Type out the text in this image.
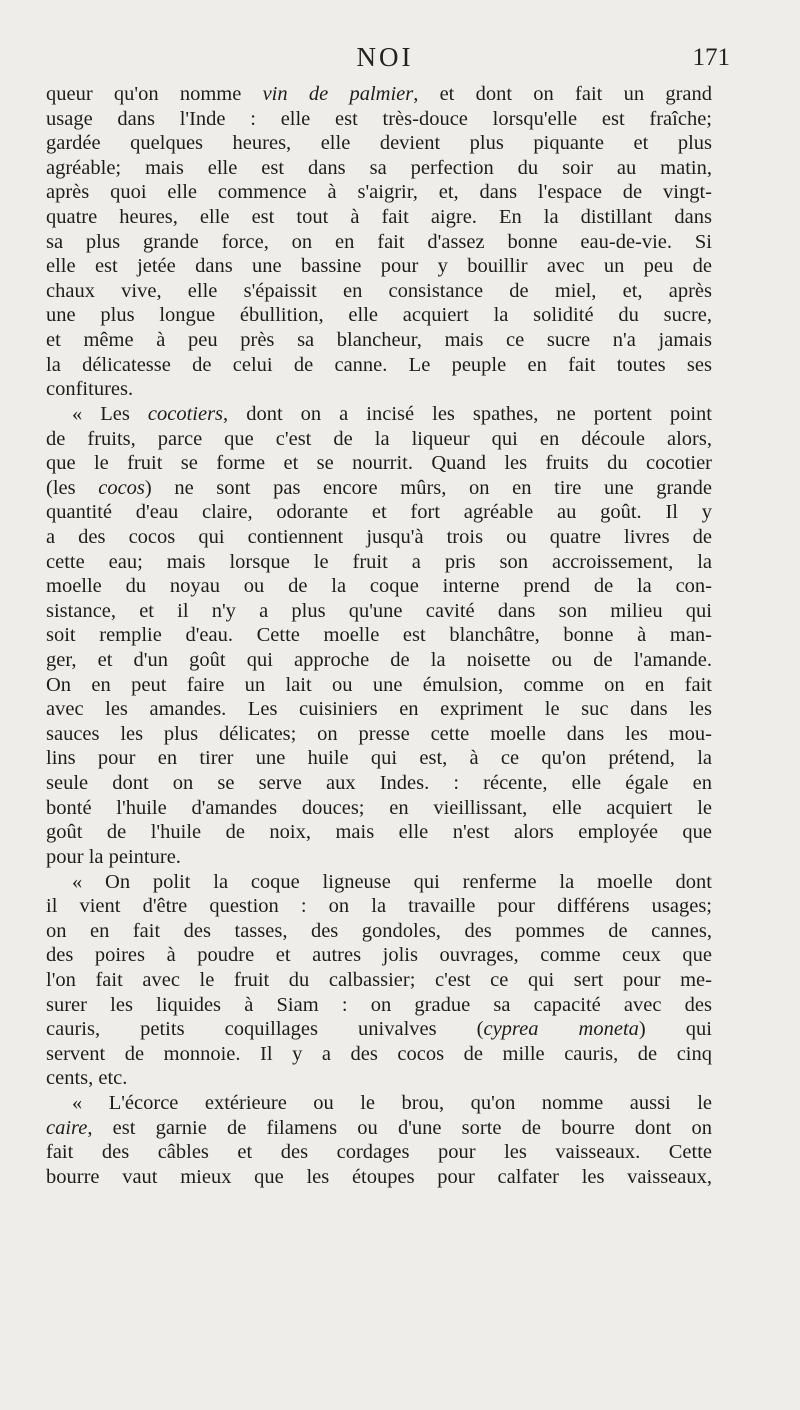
NOI	171
queur qu'on nomme vin de palmier, et dont on fait un grand
usage dans l'Inde : elle est très-douce lorsqu'elle est fraîche;
gardée quelques heures, elle devient plus piquante et plus
agréable; mais elle est dans sa perfection du soir au matin,
après quoi elle commence à s'aigrir, et, dans l'espace de vingt-
quatre heures, elle est tout à fait aigre. En la distillant dans
sa plus grande force, on en fait d'assez bonne eau-de-vie. Si
elle est jetée dans une bassine pour y bouillir avec un peu de
chaux vive, elle s'épaissit en consistance de miel, et, après
une plus longue ébullition, elle acquiert la solidité du sucre,
et même à peu près sa blancheur, mais ce sucre n'a jamais
la délicatesse de celui de canne. Le peuple en fait toutes ses
confitures.
« Les cocotiers, dont on a incisé les spathes, ne portent point
de fruits, parce que c'est de la liqueur qui en découle alors,
que le fruit se forme et se nourrit. Quand les fruits du cocotier
(les cocos) ne sont pas encore mûrs, on en tire une grande
quantité d'eau claire, odorante et fort agréable au goût. Il y
a des cocos qui contiennent jusqu'à trois ou quatre livres de
cette eau; mais lorsque le fruit a pris son accroissement, la
moelle du noyau ou de la coque interne prend de la con-
sistance, et il n'y a plus qu'une cavité dans son milieu qui
soit remplie d'eau. Cette moelle est blanchâtre, bonne à man-
ger, et d'un goût qui approche de la noisette ou de l'amande.
On en peut faire un lait ou une émulsion, comme on en fait
avec les amandes. Les cuisiniers en expriment le suc dans les
sauces les plus délicates; on presse cette moelle dans les mou-
lins pour en tirer une huile qui est, à ce qu'on prétend, la
seule dont on se serve aux Indes. : récente, elle égale en
bonté l'huile d'amandes douces; en vieillissant, elle acquiert le
goût de l'huile de noix, mais elle n'est alors employée que
pour la peinture.
« On polit la coque ligneuse qui renferme la moelle dont
il vient d'être question : on la travaille pour différens usages;
on en fait des tasses, des gondoles, des pommes de cannes,
des poires à poudre et autres jolis ouvrages, comme ceux que
l'on fait avec le fruit du calbassier; c'est ce qui sert pour me-
surer les liquides à Siam : on gradue sa capacité avec des
cauris, petits coquillages univalves (cyprea moneta) qui
servent de monnoie. Il y a des cocos de mille cauris, de cinq
cents, etc.
« L'écorce extérieure ou le brou, qu'on nomme aussi le
caire, est garnie de filamens ou d'une sorte de bourre dont on
fait des câbles et des cordages pour les vaisseaux. Cette
bourre vaut mieux que les étoupes pour calfater les vaisseaux,
